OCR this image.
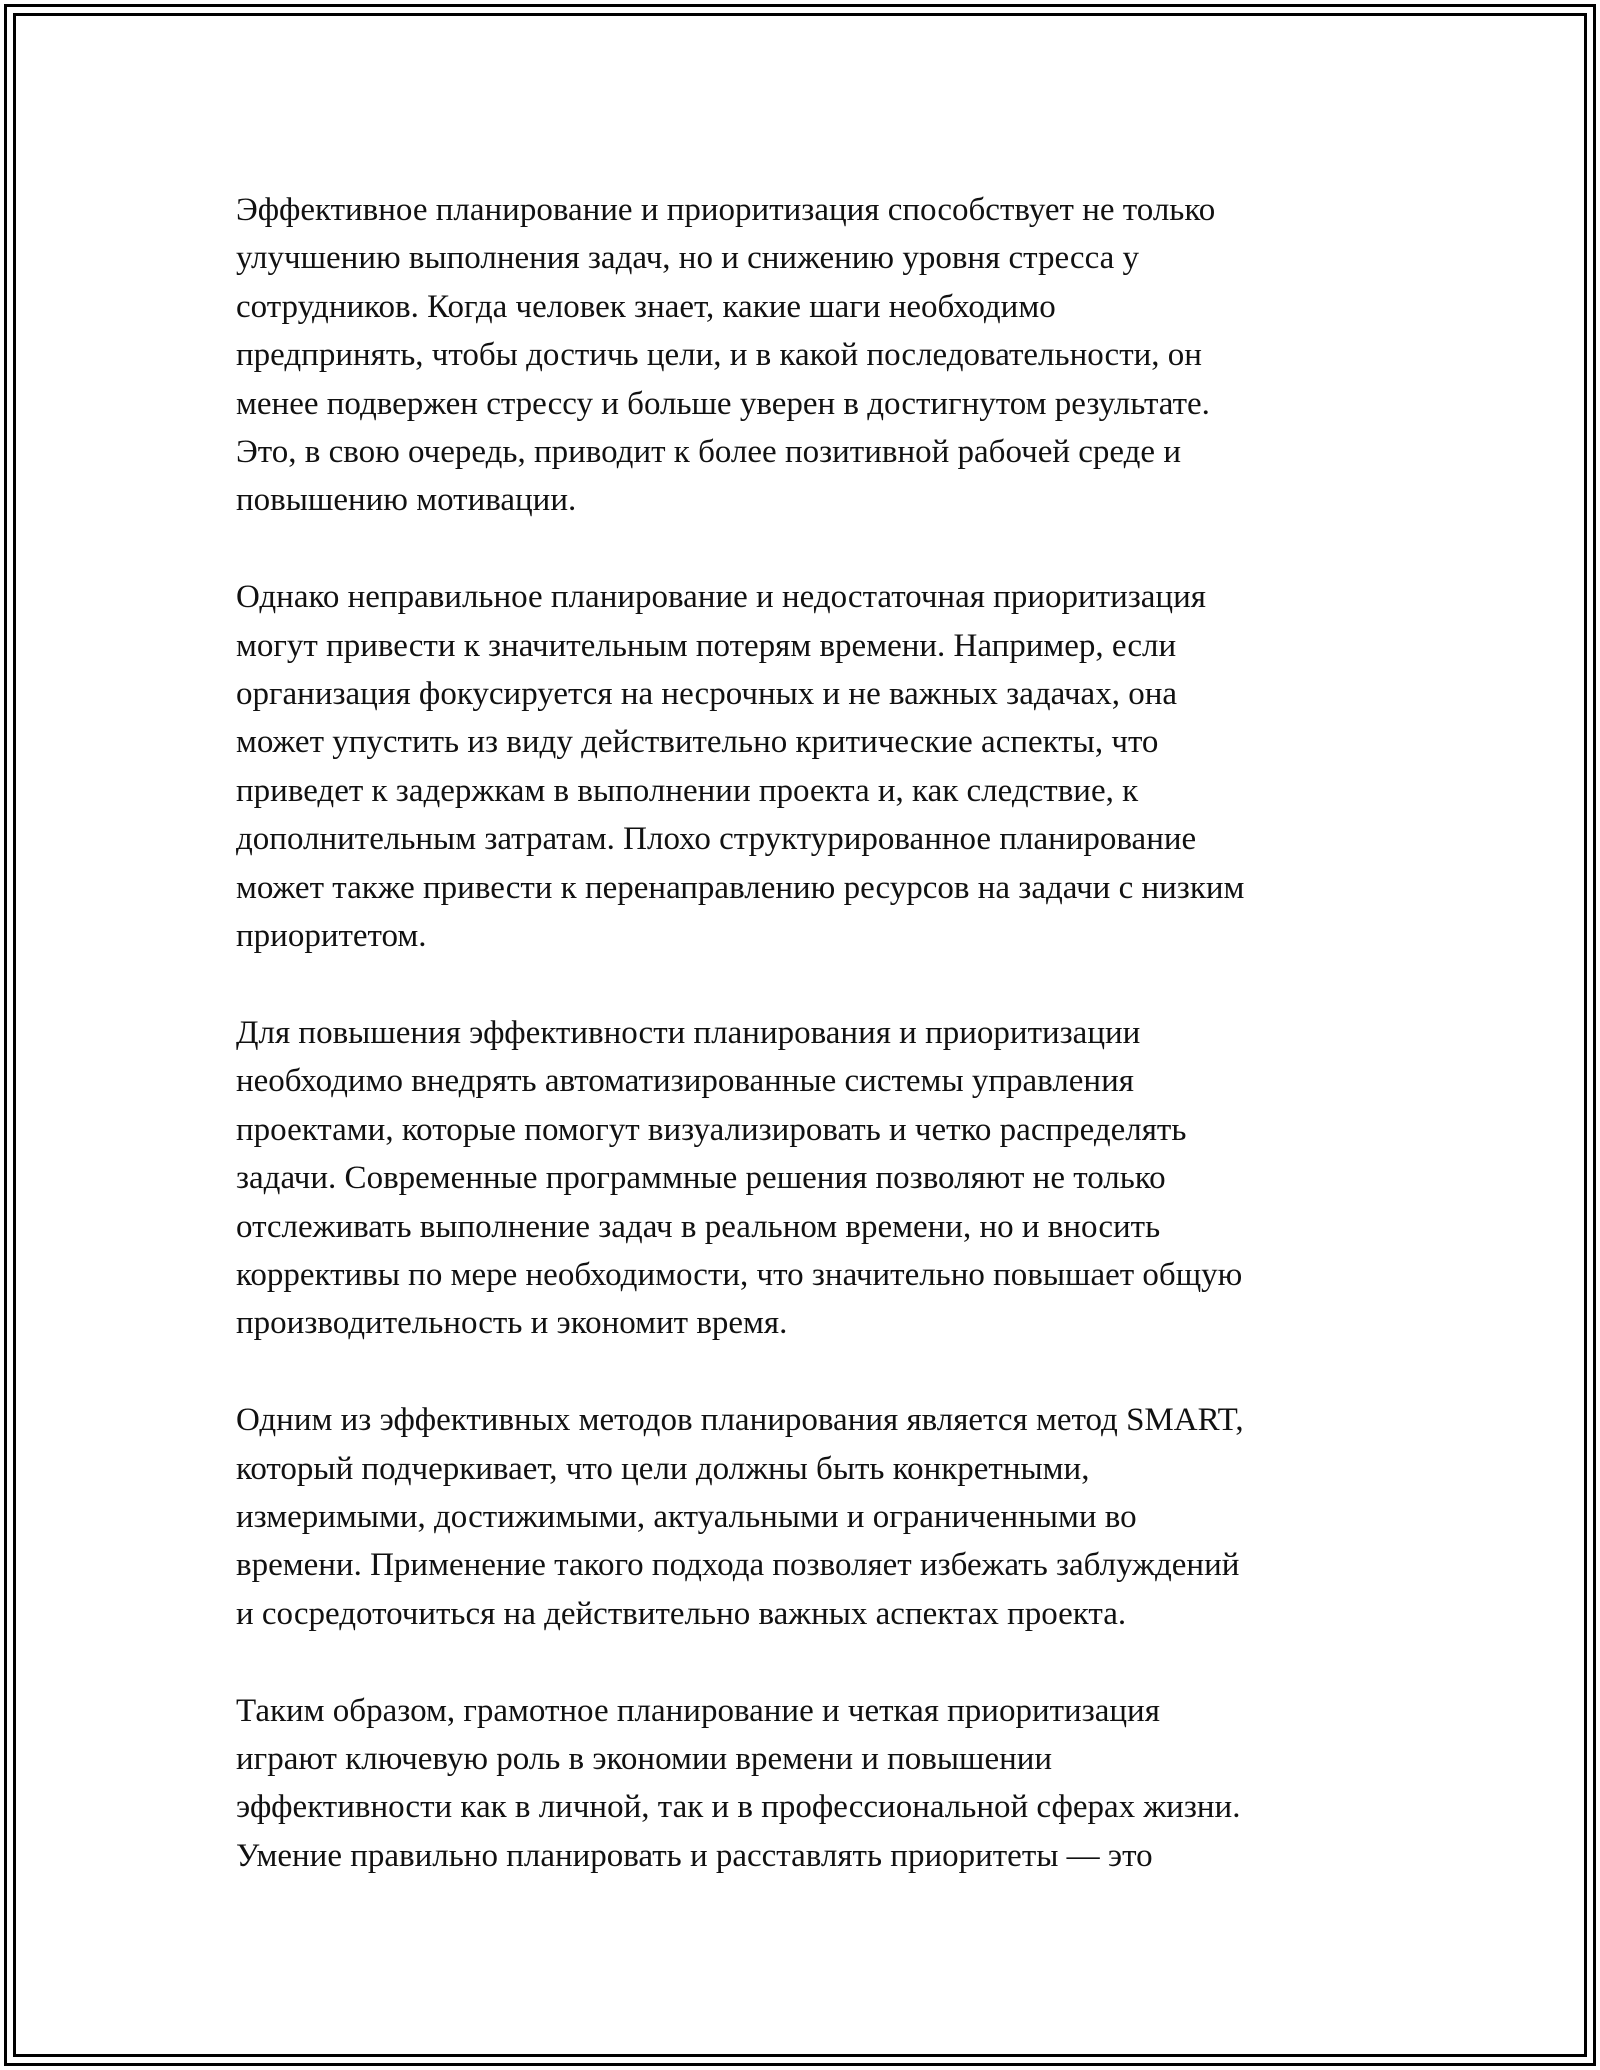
Эффективное планирование и приоритизация способствует не только
улучшению выполнения задач, но и снижению уровня стресса у
сотрудников. Когда человек знает, какие шаги необходимо
предпринять, чтобы достичь цели, и в какой последовательности, он
менее подвержен стрессу и больше уверен в достигнутом результате.
Это, в свою очередь, приводит к более позитивной рабочей среде и
повышению мотивации.

Однако неправильное планирование и недостаточная приоритизация
могут привести к значительным потерям времени. Например, если
организация фокусируется на несрочных и не важных задачах, она
может упустить из виду действительно критические аспекты, что
приведет к задержкам в выполнении проекта и, как следствие, к
дополнительным затратам. Плохо структурированное планирование
может также привести к перенаправлению ресурсов на задачи с низким
приоритетом.

Для повышения эффективности планирования и приоритизации
необходимо внедрять автоматизированные системы управления
проектами, которые помогут визуализировать и четко распределять
задачи. Современные программные решения позволяют не только
отслеживать выполнение задач в реальном времени, но и вносить
коррективы по мере необходимости, что значительно повышает общую
производительность и экономит время.

Одним из эффективных методов планирования является метод SMART,
который подчеркивает, что цели должны быть конкретными,
измеримыми, достижимыми, актуальными и ограниченными во
времени. Применение такого подхода позволяет избежать заблуждений
и сосредоточиться на действительно важных аспектах проекта.

Таким образом, грамотное планирование и четкая приоритизация
играют ключевую роль в экономии времени и повышении
эффективности как в личной, так и в профессиональной сферах жизни.
Умение правильно планировать и расставлять приоритеты — это
